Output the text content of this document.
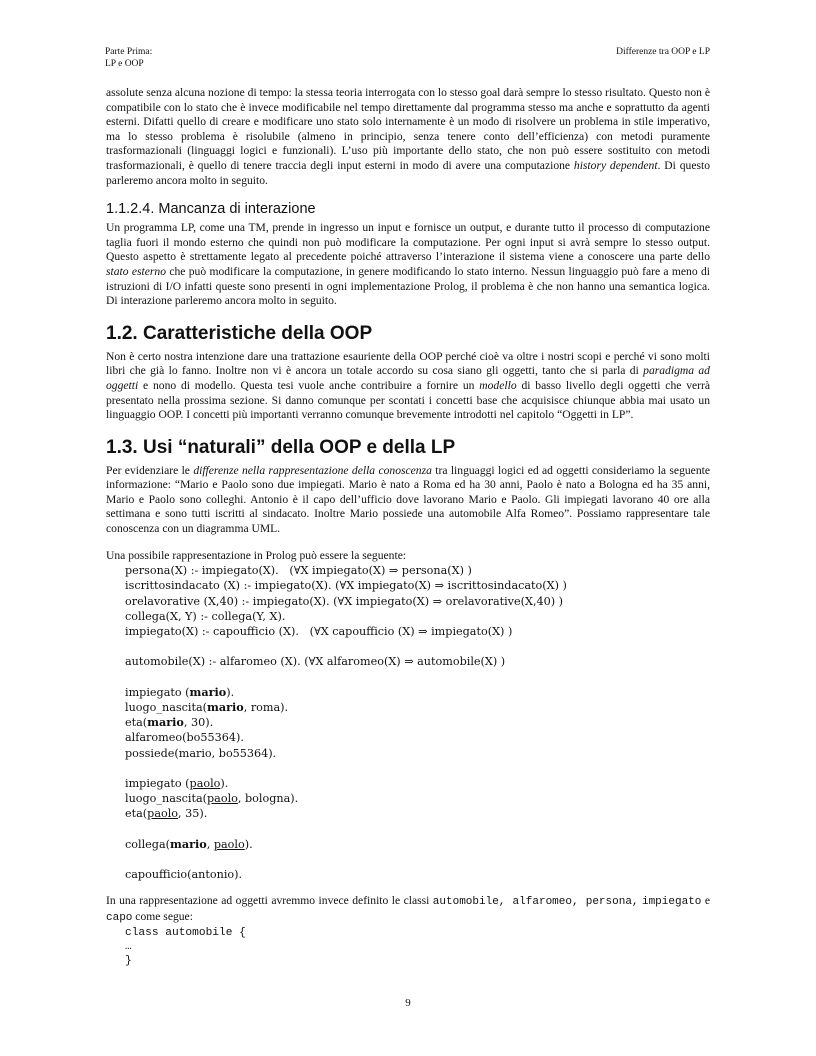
Parte Prima:
LP e OOP
Differenze tra OOP e LP

assolute senza alcuna nozione di tempo: la stessa teoria interrogata con lo stesso goal darà sempre lo stesso risultato. Questo non è compatibile con lo stato che è invece modificabile nel tempo direttamente dal programma stesso ma anche e soprattutto da agenti esterni. Difatti quello di creare e modificare uno stato solo internamente è un modo di risolvere un problema in stile imperativo, ma lo stesso problema è risolubile (almeno in principio, senza tenere conto dell’efficienza) con metodi puramente trasformazionali (linguaggi logici e funzionali). L’uso più importante dello stato, che non può essere sostituito con metodi trasformazionali, è quello di tenere traccia degli input esterni in modo di avere una computazione history dependent. Di questo parleremo ancora molto in seguito.

1.1.2.4. Mancanza di interazione

Un programma LP, come una TM, prende in ingresso un input e fornisce un output, e durante tutto il processo di computazione taglia fuori il mondo esterno che quindi non può modificare la computazione. Per ogni input si avrà sempre lo stesso output. Questo aspetto è strettamente legato al precedente poiché attraverso l’interazione il sistema viene a conoscere una parte dello stato esterno che può modificare la computazione, in genere modificando lo stato interno. Nessun linguaggio può fare a meno di istruzioni di I/O infatti queste sono presenti in ogni implementazione Prolog, il problema è che non hanno una semantica logica. Di interazione parleremo ancora molto in seguito.

1.2. Caratteristiche della OOP

Non è certo nostra intenzione dare una trattazione esauriente della OOP perché cioè va oltre i nostri scopi e perché vi sono molti libri che già lo fanno. Inoltre non vi è ancora un totale accordo su cosa siano gli oggetti, tanto che si parla di paradigma ad oggetti e nono di modello. Questa tesi vuole anche contribuire a fornire un modello di basso livello degli oggetti che verrà presentato nella prossima sezione. Si danno comunque per scontati i concetti base che acquisisce chiunque abbia mai usato un linguaggio OOP. I concetti più importanti verranno comunque brevemente introdotti nel capitolo “Oggetti in LP”.

1.3. Usi “naturali” della OOP e della LP

Per evidenziare le differenze nella rappresentazione della conoscenza tra linguaggi logici ed ad oggetti consideriamo la seguente informazione: “Mario e Paolo sono due impiegati. Mario è nato a Roma ed ha 30 anni, Paolo è nato a Bologna ed ha 35 anni, Mario e Paolo sono colleghi. Antonio è il capo dell’ufficio dove lavorano Mario e Paolo. Gli impiegati lavorano 40 ore alla settimana e sono tutti iscritti al sindacato. Inoltre Mario possiede una automobile Alfa Romeo”. Possiamo rappresentare tale conoscenza con un diagramma UML.

Una possibile rappresentazione in Prolog può essere la seguente:

persona(X) :- impiegato(X).   (∀X impiegato(X) ⇒ persona(X) )
iscrittosindacato (X) :- impiegato(X). (∀X impiegato(X) ⇒ iscrittosindacato(X) )
orelavorative (X,40) :- impiegato(X). (∀X impiegato(X) ⇒ orelavorative(X,40) )
collega(X, Y) :- collega(Y, X).
impiegato(X) :- capoufficio (X).   (∀X capoufficio (X) ⇒ impiegato(X) )
automobile(X) :- alfaromeo (X). (∀X alfaromeo(X) ⇒ automobile(X) )
impiegato (mario).
luogo_nascita(mario, roma).
eta(mario, 30).
alfaromeo(bo55364).
possiede(mario, bo55364).
impiegato (paolo).
luogo_nascita(paolo, bologna).
eta(paolo, 35).
collega(mario, paolo).
capoufficio(antonio).

In una rappresentazione ad oggetti avremmo invece definito le classi automobile, alfaromeo, persona, impiegato e capo come segue:

class automobile {
…
}
9
